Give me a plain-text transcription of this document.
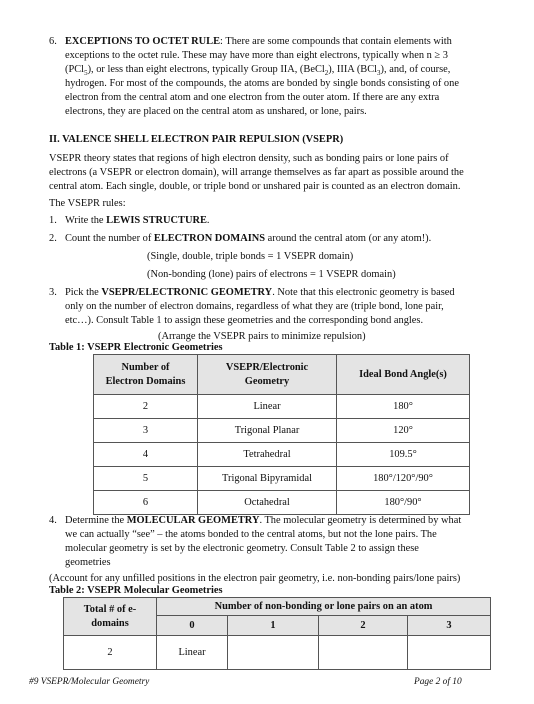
6. EXCEPTIONS TO OCTET RULE: There are some compounds that contain elements with
exceptions to the octet rule. These may have more than eight electrons, typically when n ≥ 3
(PCl$_5$), or less than eight electrons, typically Group IIA, (BeCl$_2$), IIIA (BCl$_3$), and, of course,
hydrogen. For most of the compounds, the atoms are bonded by single bonds consisting of one
electron from the central atom and one electron from the outer atom. If there are any extra
electrons, they are placed on the central atom as unshared, or lone, pairs.
II. VALENCE SHELL ELECTRON PAIR REPULSION (VSEPR)
VSEPR theory states that regions of high electron density, such as bonding pairs or lone pairs of
electrons (a VSEPR or electron domain), will arrange themselves as far apart as possible around the
central atom. Each single, double, or triple bond or unshared pair is counted as an electron domain.
The VSEPR rules:
1. Write the LEWIS STRUCTURE.
2. Count the number of ELECTRON DOMAINS around the central atom (or any atom!).
(Single, double, triple bonds = 1 VSEPR domain)
(Non-bonding (lone) pairs of electrons = 1 VSEPR domain)
3. Pick the VSEPR/ELECTRONIC GEOMETRY. Note that this electronic geometry is based
only on the number of electron domains, regardless of what they are (triple bond, lone pair,
etc…). Consult Table 1 to assign these geometries and the corresponding bond angles.
(Arrange the VSEPR pairs to minimize repulsion)
Table 1: VSEPR Electronic Geometries
Number of
Electron Domains	VSEPR/Electronic
Geometry	Ideal Bond Angle(s)
2	Linear	180°
3	Trigonal Planar	120°
4	Tetrahedral	109.5°
5	Trigonal Bipyramidal	180°/120°/90°
6	Octahedral	180°/90°
4. Determine the MOLECULAR GEOMETRY. The molecular geometry is determined by what
we can actually “see” – the atoms bonded to the central atoms, but not the lone pairs. The
molecular geometry is set by the electronic geometry. Consult Table 2 to assign these
geometries
(Account for any unfilled positions in the electron pair geometry, i.e. non-bonding pairs/lone pairs)
Table 2: VSEPR Molecular Geometries
Total # of e-
domains	Number of non-bonding or lone pairs on an atom			
	0	1	2	3
2	Linear			
#9 VSEPR/Molecular Geometry	Page 2 of 10
